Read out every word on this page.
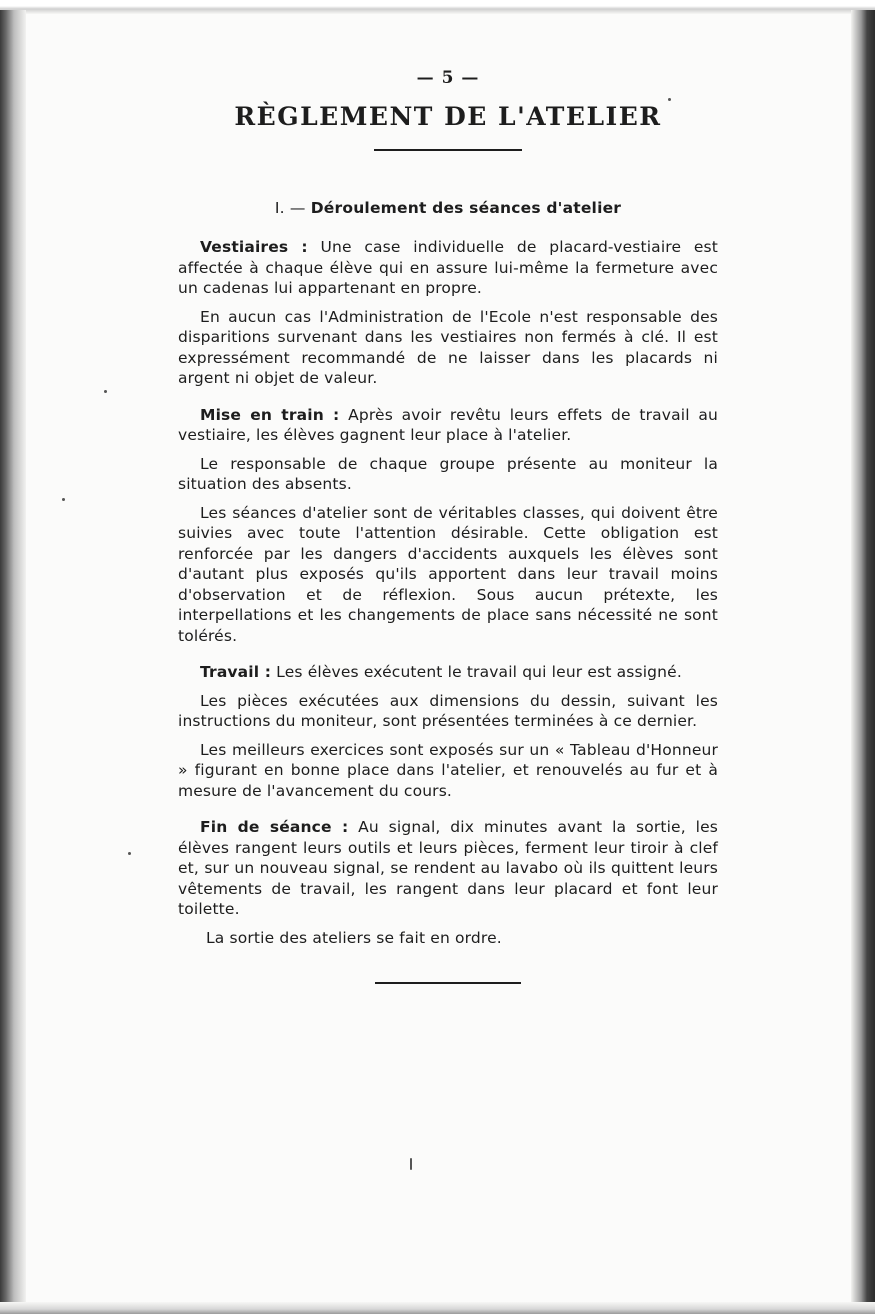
— 5 —
RÈGLEMENT DE L'ATELIER
I. — Déroulement des séances d'atelier

Vestiaires : Une case individuelle de placard-vestiaire est affectée à chaque élève qui en assure lui-même la fermeture avec un cadenas lui appartenant en propre.

En aucun cas l'Administration de l'Ecole n'est responsable des disparitions survenant dans les vestiaires non fermés à clé. Il est expressément recommandé de ne laisser dans les placards ni argent ni objet de valeur.

Mise en train : Après avoir revêtu leurs effets de travail au vestiaire, les élèves gagnent leur place à l'atelier.

Le responsable de chaque groupe présente au moniteur la situation des absents.

Les séances d'atelier sont de véritables classes, qui doivent être suivies avec toute l'attention désirable. Cette obligation est renforcée par les dangers d'accidents auxquels les élèves sont d'autant plus exposés qu'ils apportent dans leur travail moins d'observation et de réflexion. Sous aucun prétexte, les interpellations et les changements de place sans nécessité ne sont tolérés.

Travail : Les élèves exécutent le travail qui leur est assigné.

Les pièces exécutées aux dimensions du dessin, suivant les instructions du moniteur, sont présentées terminées à ce dernier.

Les meilleurs exercices sont exposés sur un « Tableau d'Honneur » figurant en bonne place dans l'atelier, et renouvelés au fur et à mesure de l'avancement du cours.

Fin de séance : Au signal, dix minutes avant la sortie, les élèves rangent leurs outils et leurs pièces, ferment leur tiroir à clef et, sur un nouveau signal, se rendent au lavabo où ils quittent leurs vêtements de travail, les rangent dans leur placard et font leur toilette.

La sortie des ateliers se fait en ordre.
